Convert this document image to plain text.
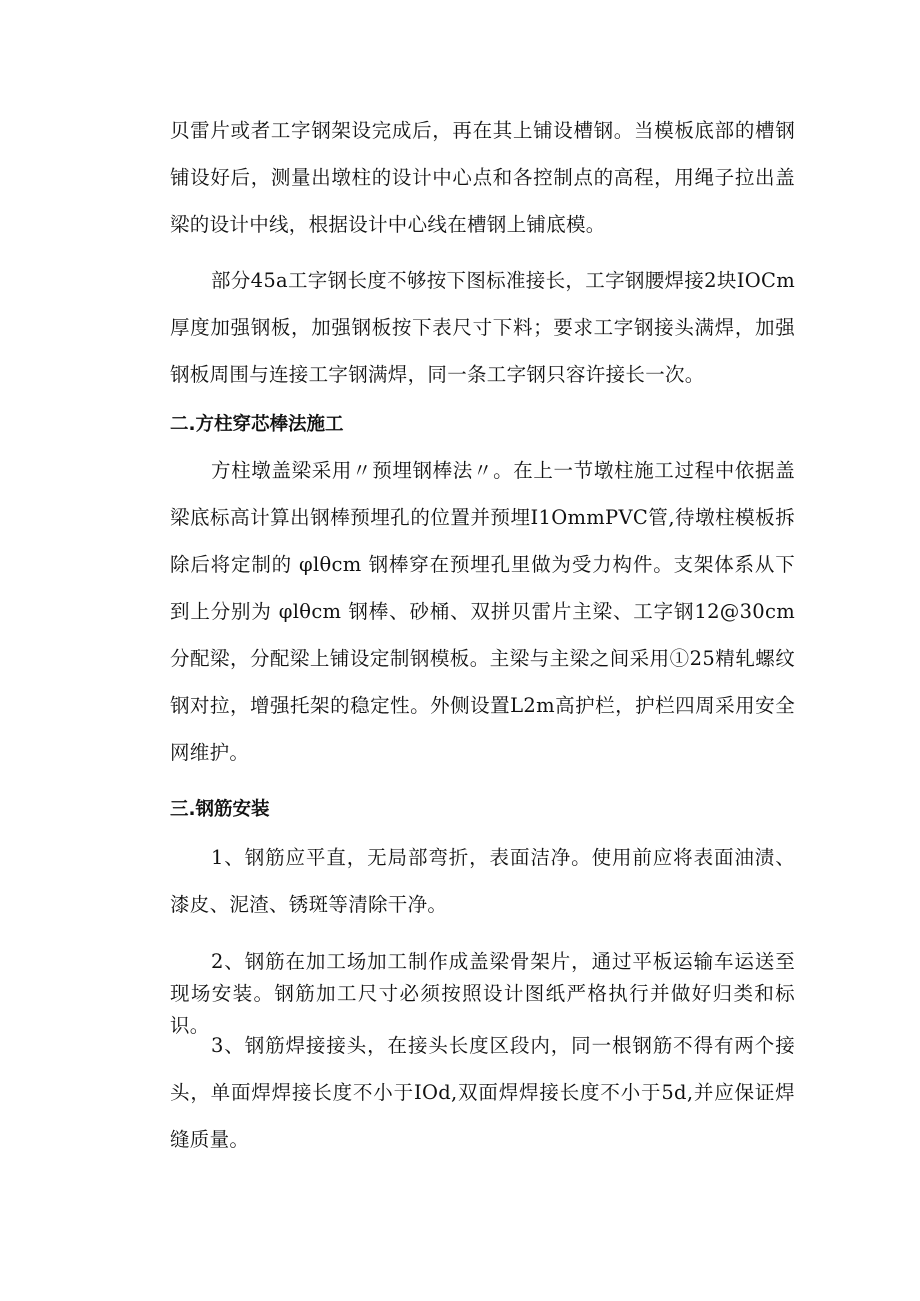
贝雷片或者工字钢架设完成后，再在其上铺设槽钢。当模板底部的槽钢铺设好后，测量出墩柱的设计中心点和各控制点的高程，用绳子拉出盖梁的设计中线，根据设计中心线在槽钢上铺底模。

部分45a工字钢长度不够按下图标准接长，工字钢腰焊接2块IOCm厚度加强钢板，加强钢板按下表尺寸下料；要求工字钢接头满焊，加强钢板周围与连接工字钢满焊，同一条工字钢只容许接长一次。

二.方柱穿芯棒法施工

方柱墩盖梁采用〃预埋钢棒法〃。在上一节墩柱施工过程中依据盖梁底标高计算出钢棒预埋孔的位置并预埋I1OmmPVC管,待墩柱模板拆除后将定制的 φlθcm 钢棒穿在预埋孔里做为受力构件。支架体系从下到上分别为 φlθcm 钢棒、砂桶、双拼贝雷片主梁、工字钢12@30cm分配梁，分配梁上铺设定制钢模板。主梁与主梁之间采用①25精轧螺纹钢对拉，增强托架的稳定性。外侧设置L2m高护栏，护栏四周采用安全网维护。

三.钢筋安装

1、钢筋应平直，无局部弯折，表面洁净。使用前应将表面油渍、漆皮、泥渣、锈斑等清除干净。

2、钢筋在加工场加工制作成盖梁骨架片，通过平板运输车运送至现场安装。钢筋加工尺寸必须按照设计图纸严格执行并做好归类和标识。

3、钢筋焊接接头，在接头长度区段内，同一根钢筋不得有两个接头，单面焊焊接长度不小于IOd,双面焊焊接长度不小于5d,并应保证焊缝质量。
